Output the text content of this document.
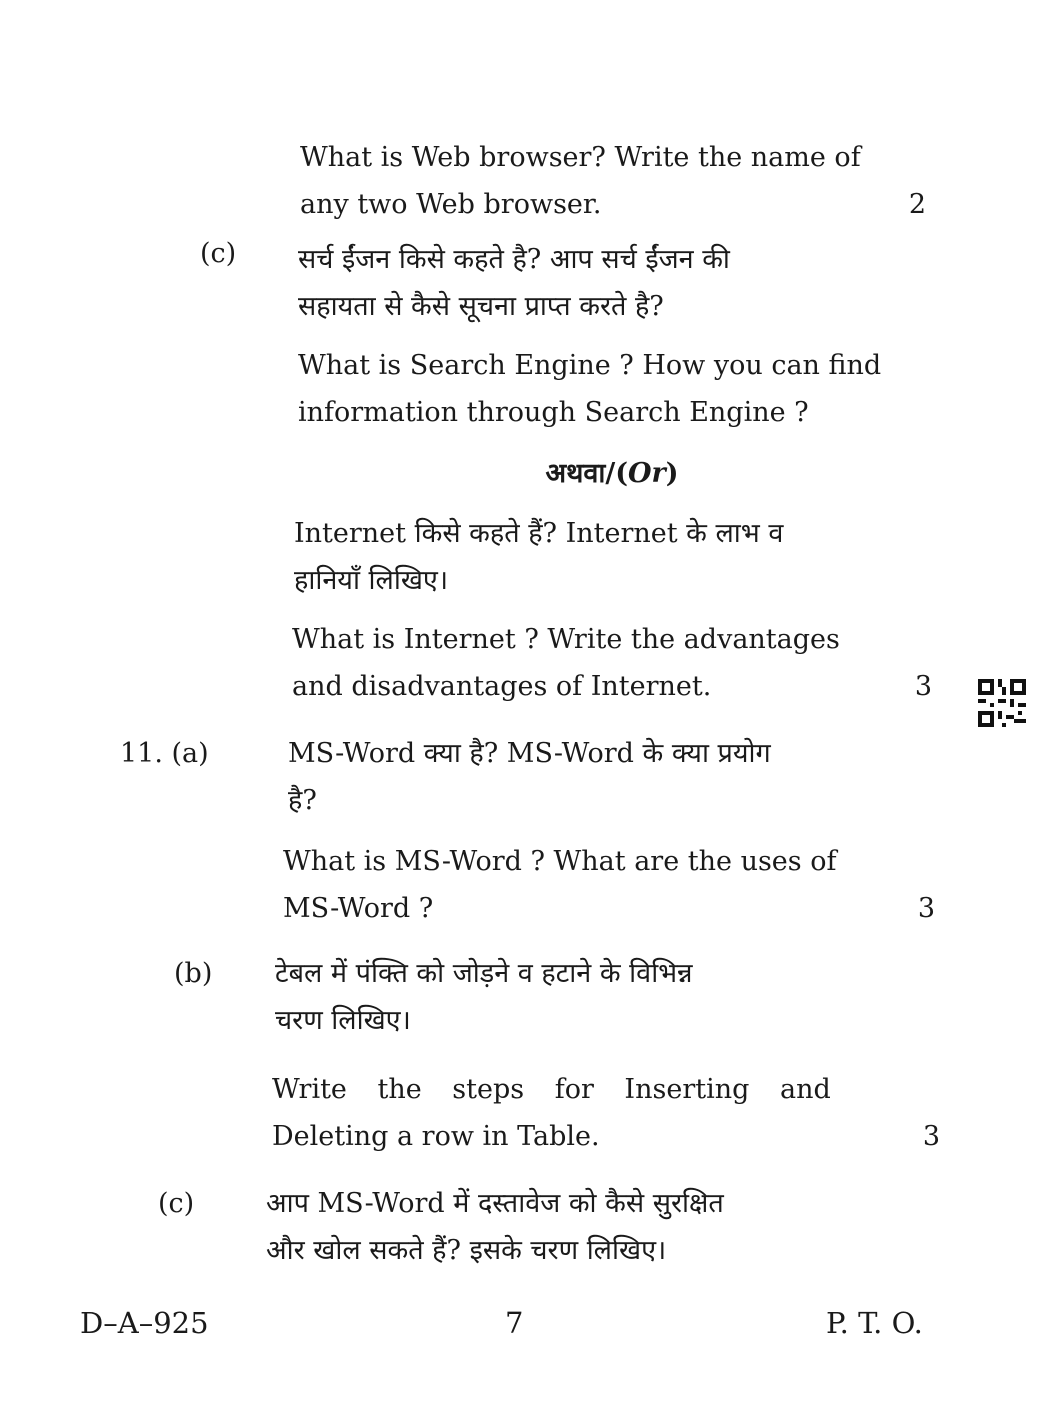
What is Web browser? Write the name of
any two Web browser.	2
(c) सर्च ईंजन किसे कहते है? आप सर्च ईंजन की
सहायता से कैसे सूचना प्राप्त करते है?
What is Search Engine ? How you can find
information through Search Engine ?
अथवा/(Or)
Internet किसे कहते हैं? Internet के लाभ व
हानियाँ लिखिए।
What is Internet ? Write the advantages
and disadvantages of Internet.	3
11. (a)	MS-Word क्या है? MS-Word के क्या प्रयोग
है?
What is MS-Word ? What are the uses of
MS-Word ?	3
(b) टेबल में पंक्ति को जोड़ने व हटाने के विभिन्न
चरण लिखिए।
Write the steps for Inserting and
Deleting a row in Table.	3
(c)	आप MS-Word में दस्तावेज को कैसे सुरक्षित
और खोल सकते हैं? इसके चरण लिखिए।
D–A–925	7	P. T. O.
